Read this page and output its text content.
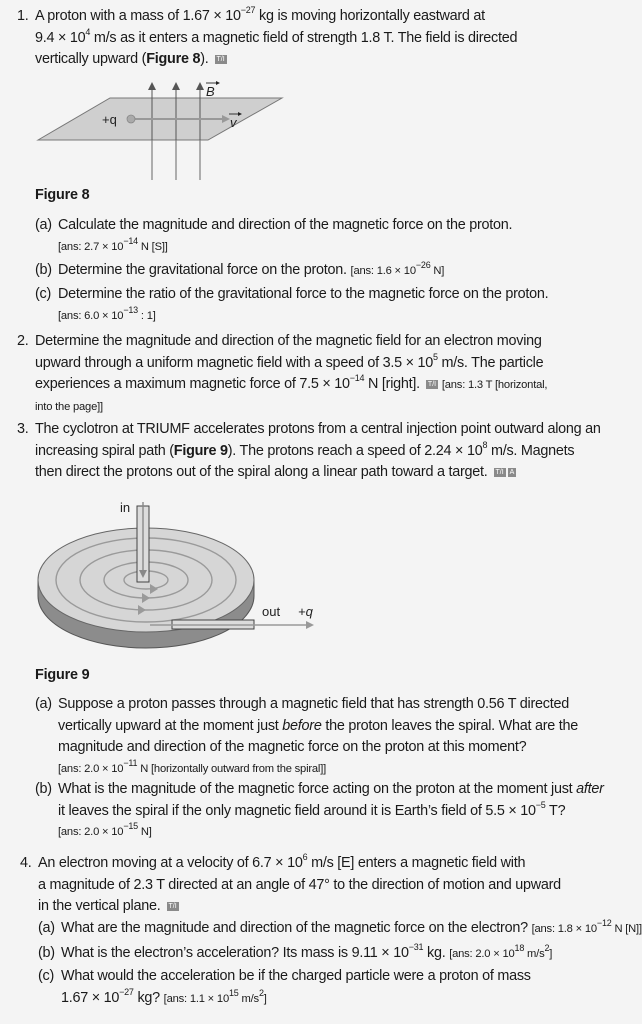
1. A proton with a mass of $1.67 \times 10^{-27}$ kg is moving horizontally eastward at
$9.4 \times 10^4$ m/s as it enters a magnetic field of strength 1.8 T. The field is directed
vertically upward (Figure 8). T/I
B
+q	v
Figure 8
(a) Calculate the magnitude and direction of the magnetic force on the proton.
[ans: $2.7 \times 10^{-14}$ N [S]]
(b) Determine the gravitational force on the proton. [ans: $1.6 \times 10^{-26}$ N]
(c) Determine the ratio of the gravitational force to the magnetic force on the proton.
[ans: $6.0 \times 10^{-13}$ : 1]
2. Determine the magnitude and direction of the magnetic field for an electron moving
upward through a uniform magnetic field with a speed of $3.5 \times 10^5$ m/s. The particle
experiences a maximum magnetic force of $7.5 \times 10^{-14}$ N [right]. T/I [ans: 1.3 T [horizontal,
into the page]]
3. The cyclotron at TRIUMF accelerates protons from a central injection point outward along an
increasing spiral path (Figure 9). The protons reach a speed of $2.24 \times 10^8$ m/s. Magnets
then direct the protons out of the spiral along a linear path toward a target. T/I A
in
out +q
Figure 9
(a) Suppose a proton passes through a magnetic field that has strength 0.56 T directed
vertically upward at the moment just before the proton leaves the spiral. What are the
magnitude and direction of the magnetic force on the proton at this moment?
[ans: $2.0 \times 10^{-11}$ N [horizontally outward from the spiral]]
(b) What is the magnitude of the magnetic force acting on the proton at the moment just after
it leaves the spiral if the only magnetic field around it is Earth’s field of $5.5 \times 10^{-5}$ T?
[ans: $2.0 \times 10^{-15}$ N]
4. An electron moving at a velocity of $6.7 \times 10^6$ m/s [E] enters a magnetic field with
a magnitude of 2.3 T directed at an angle of 47° to the direction of motion and upward
in the vertical plane. T/I
(a) What are the magnitude and direction of the magnetic force on the electron? [ans: $1.8 \times 10^{-12}$ N [N]]
(b) What is the electron’s acceleration? Its mass is $9.11 \times 10^{-31}$ kg. [ans: $2.0 \times 10^{18}$ $m/s^2$]
(c) What would the acceleration be if the charged particle were a proton of mass
$1.67 \times 10^{-27}$ kg? [ans: $1.1 \times 10^{15}$ $m/s^2$]
